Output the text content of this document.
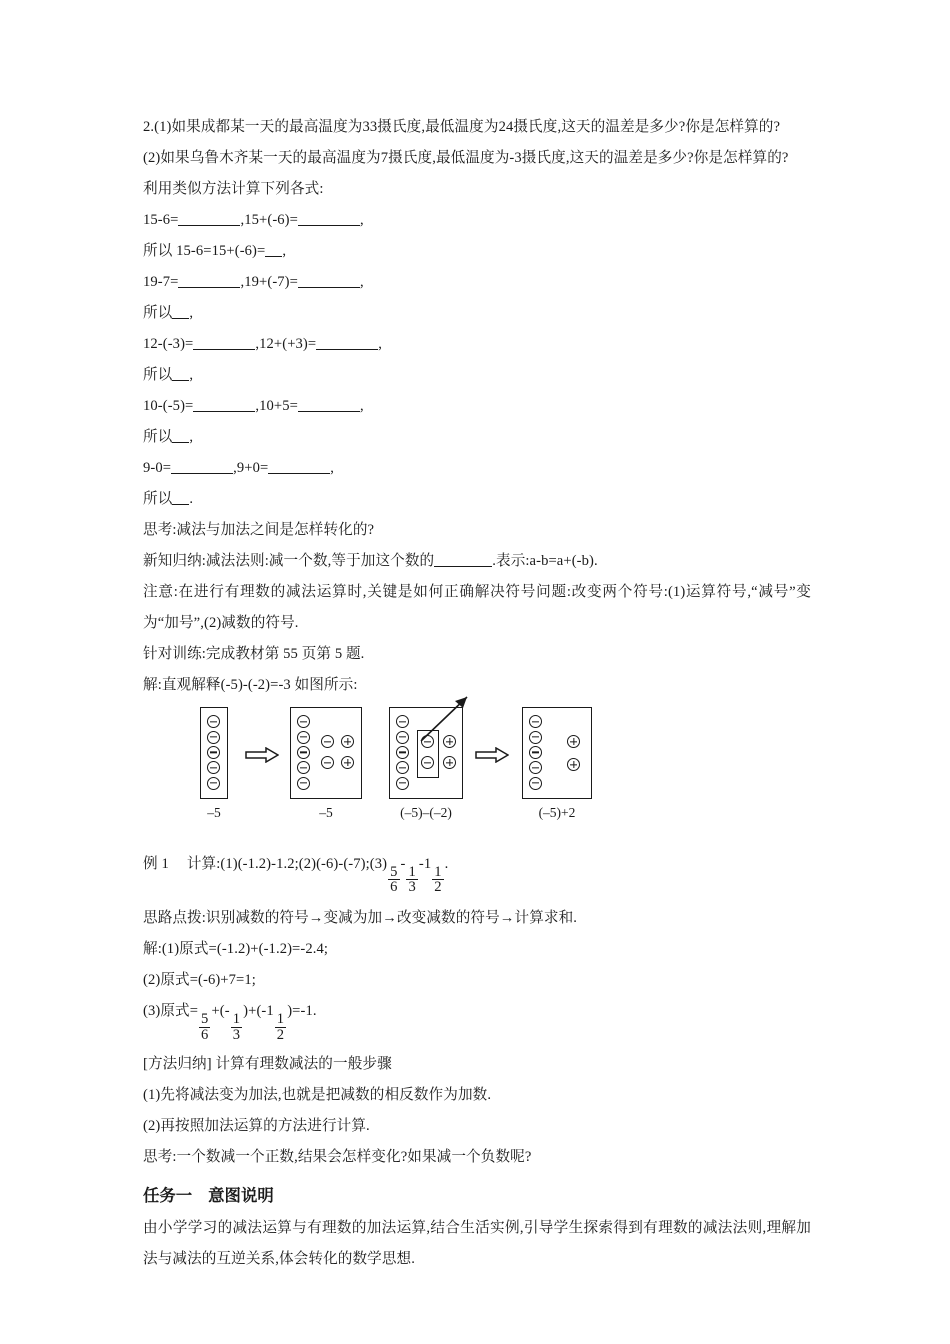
2.(1)如果成都某一天的最高温度为33摄氏度,最低温度为24摄氏度,这天的温差是多少?你是怎样算的?
(2)如果乌鲁木齐某一天的最高温度为7摄氏度,最低温度为-3摄氏度,这天的温差是多少?你是怎样算的?
利用类似方法计算下列各式:
15-6=	,15+(-6)=	,
所以 15-6=15+(-6)= ,
19-7=	,19+(-7)=	,
所以 ,
12-(-3)=	,12+(+3)=	,
所以 ,
10-(-5)=	,10+5=	,
所以 ,
9-0=	,9+0=	,
所以 .
思考:减法与加法之间是怎样转化的?
新知归纳:减法法则:减一个数,等于加这个数的	.表示:a-b=a+(-b).
注意:在进行有理数的减法运算时,关键是如何正确解决符号问题:改变两个符号:(1)运算符号,“减号”变为“加号”,(2)减数的符号.
针对训练:完成教材第 55 页第 5 题.
解:直观解释(-5)-(-2)=-3 如图所示:
–5	–5	(–5)–(–2)	(–5)+2
例 1 计算:(1)(-1.2)-1.2;(2)(-6)-(-7);(3)
$\frac{5}{6}$
-
$\frac{1}{3}$
-1
$\frac{1}{2}$
.
思路点拨:识别减数的符号→变减为加→改变减数的符号→计算求和.
解:(1)原式=(-1.2)+(-1.2)=-2.4;
(2)原式=(-6)+7=1;
(3)原式=
$\frac{5}{6}$
+(-
$\frac{1}{3}$
)+(-1
$\frac{1}{2}$
)=-1.
[方法归纳] 计算有理数减法的一般步骤
(1)先将减法变为加法,也就是把减数的相反数作为加数.
(2)再按照加法运算的方法进行计算.
思考:一个数减一个正数,结果会怎样变化?如果减一个负数呢?
任务一 意图说明
由小学学习的减法运算与有理数的加法运算,结合生活实例,引导学生探索得到有理数的减法法则,理解加法与减法的互逆关系,体会转化的数学思想.
